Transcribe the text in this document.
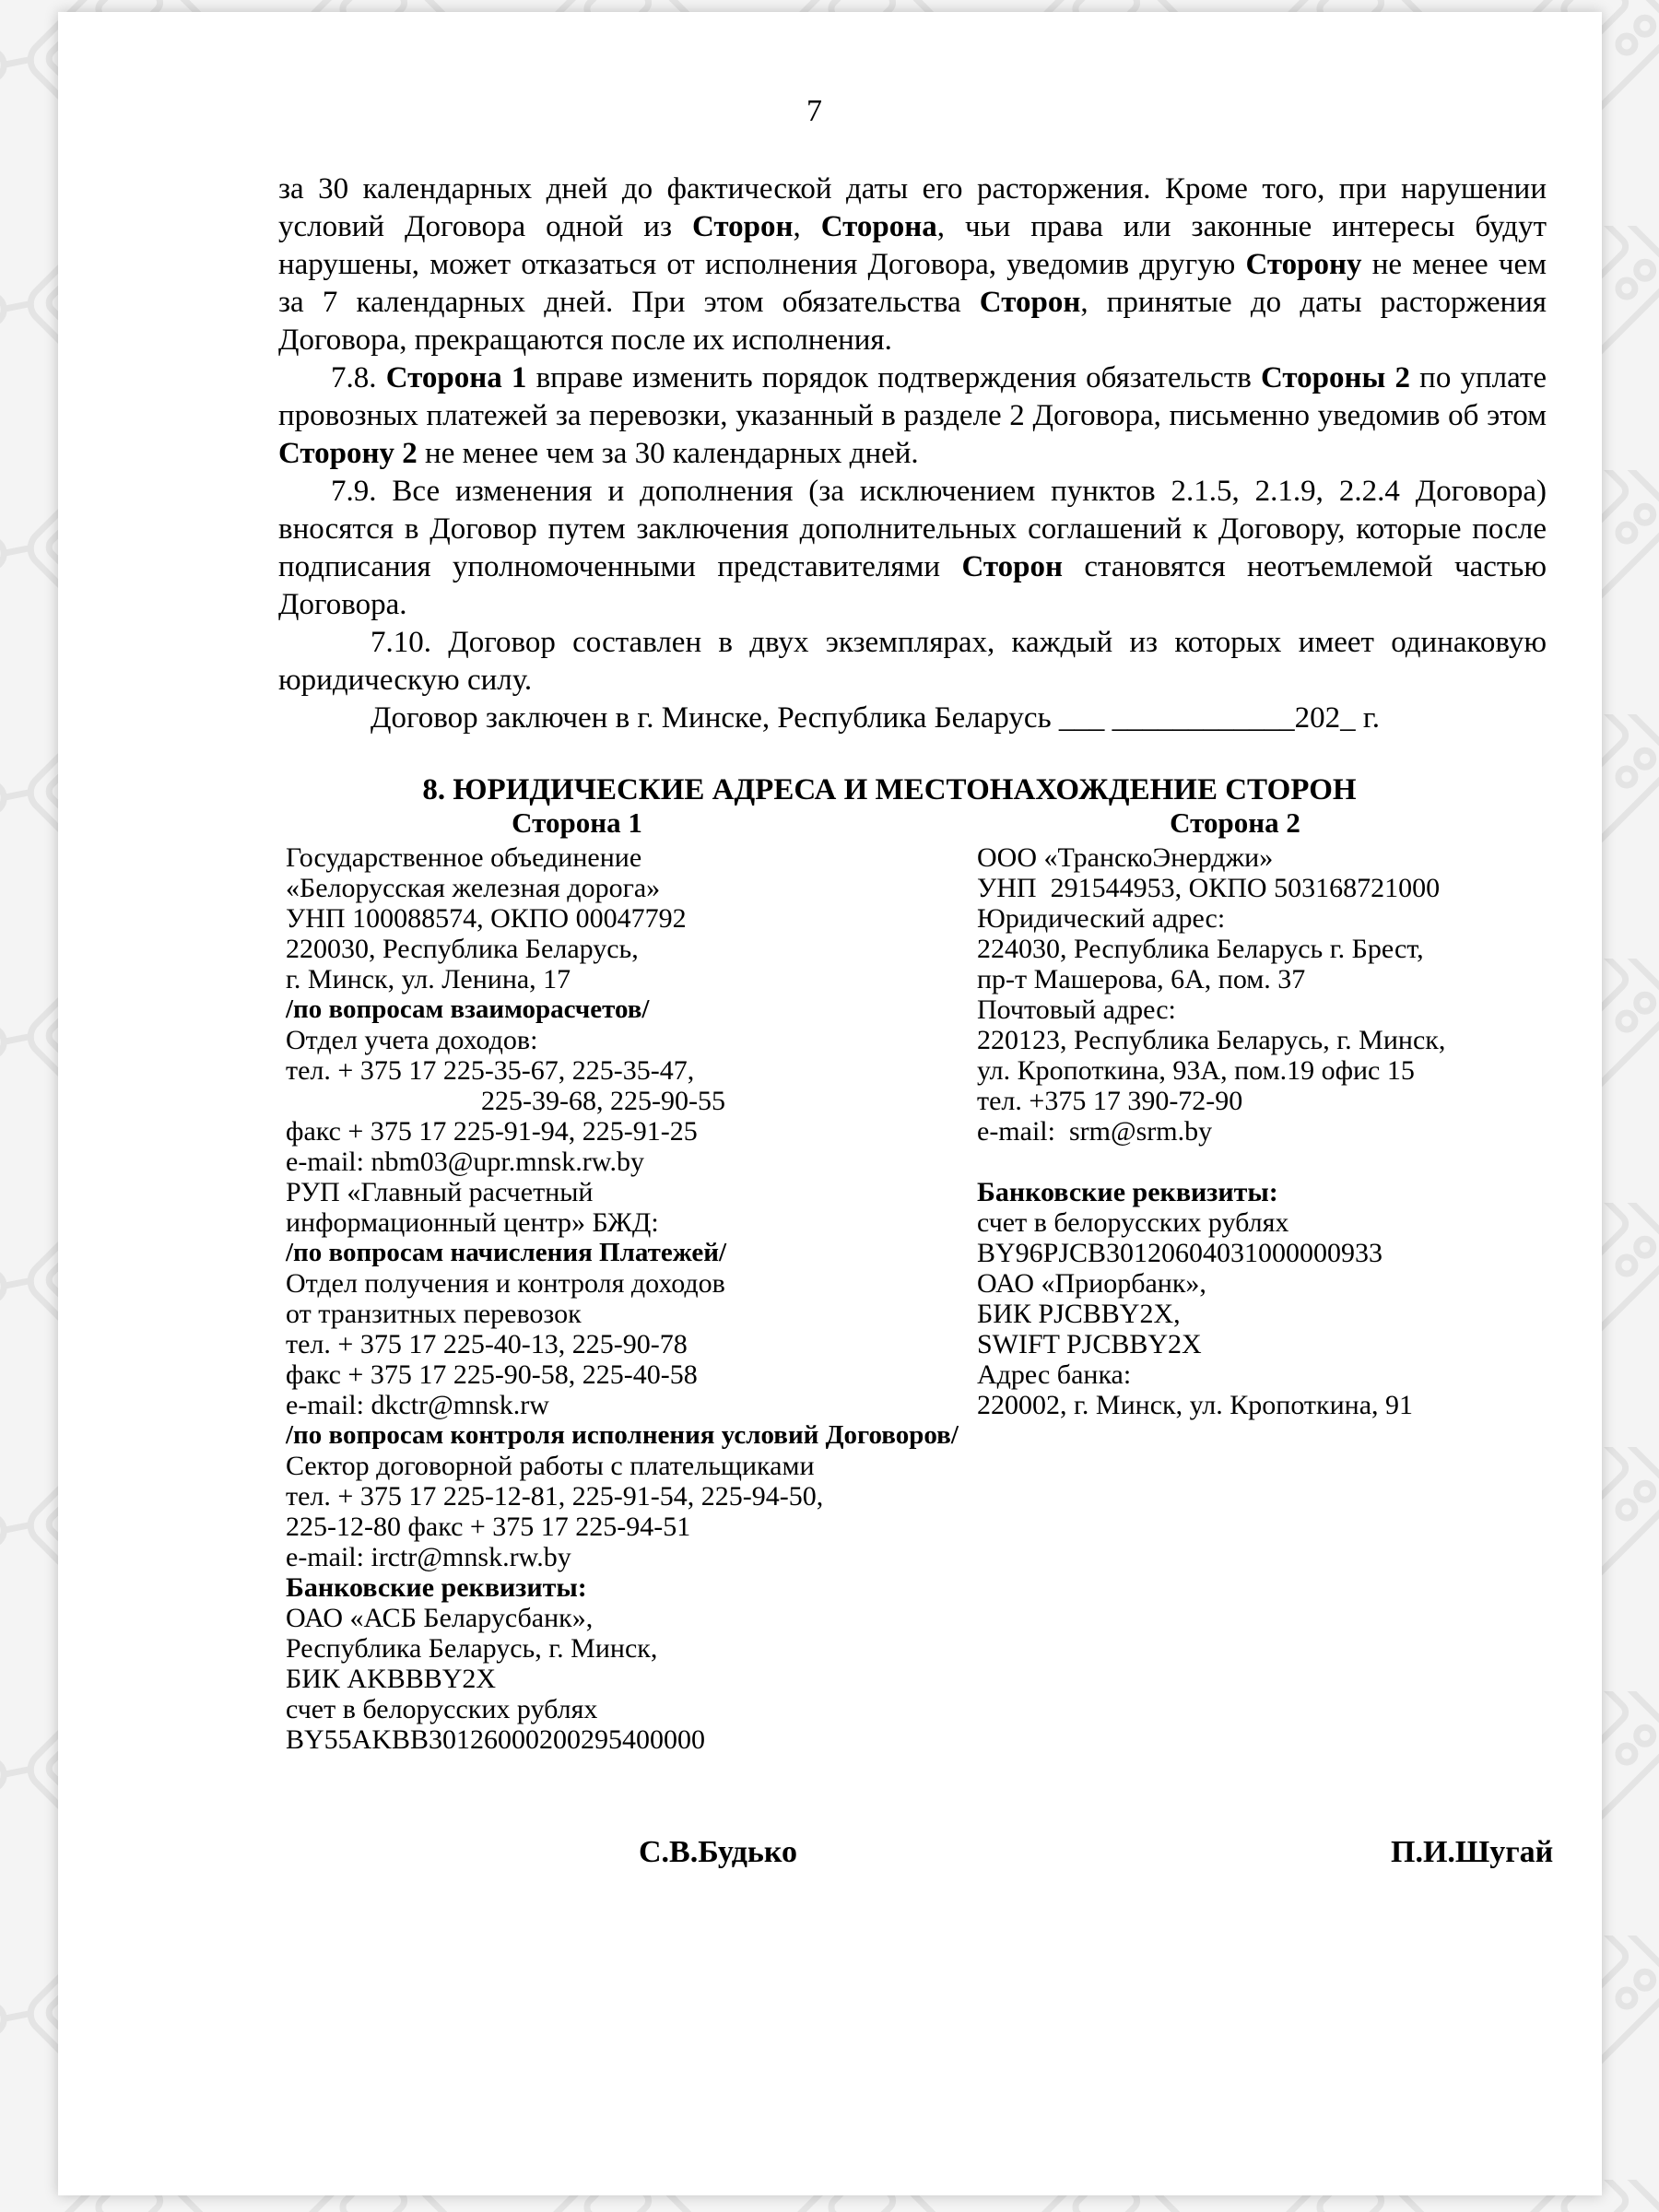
7

за 30 календарных дней до фактической даты его расторжения. Кроме того, при нарушении условий Договора одной из Сторон, Сторона, чьи права или законные интересы будут нарушены, может отказаться от исполнения Договора, уведомив другую Сторону не менее чем за 7 календарных дней. При этом обязательства Сторон, принятые до даты расторжения Договора, прекращаются после их исполнения.

7.8. Сторона 1 вправе изменить порядок подтверждения обязательств Стороны 2 по уплате провозных платежей за перевозки, указанный в разделе 2 Договора, письменно уведомив об этом Сторону 2 не менее чем за 30 календарных дней.

7.9. Все изменения и дополнения (за исключением пунктов 2.1.5, 2.1.9, 2.2.4 Договора) вносятся в Договор путем заключения дополнительных соглашений к Договору, которые после подписания уполномоченными представителями Сторон становятся неотъемлемой частью Договора.

7.10. Договор составлен в двух экземплярах, каждый из которых имеет одинаковую юридическую силу.

Договор заключен в г. Минске, Республика Беларусь ___ ____________202_ г.

8. ЮРИДИЧЕСКИЕ АДРЕСА И МЕСТОНАХОЖДЕНИЕ СТОРОН
Сторона 1	Сторона 2
Государственное объединение
«Белорусская железная дорога»
УНП 100088574, ОКПО 00047792
220030, Республика Беларусь,
г. Минск, ул. Ленина, 17
/по вопросам взаиморасчетов/
Отдел учета доходов:
тел. + 375 17 225-35-67, 225-35-47,
225-39-68, 225-90-55
факс + 375 17 225-91-94, 225-91-25
e-mail: nbm03@upr.mnsk.rw.by
РУП «Главный расчетный
информационный центр» БЖД:
/по вопросам начисления Платежей/
Отдел получения и контроля доходов
от транзитных перевозок
тел. + 375 17 225-40-13, 225-90-78
факс + 375 17 225-90-58, 225-40-58
e-mail: dkctr@mnsk.rw
/по вопросам контроля исполнения условий Договоров/
Сектор договорной работы с плательщиками
тел. + 375 17 225-12-81, 225-91-54, 225-94-50,
225-12-80 факс + 375 17 225-94-51
e-mail: irctr@mnsk.rw.by
Банковские реквизиты:
ОАО «АСБ Беларусбанк»,
Республика Беларусь, г. Минск,
БИК AKBBBY2X
счет в белорусских рублях
BY55AKBB30126000200295400000
ООО «ТранскоЭнерджи»
УНП  291544953, ОКПО 503168721000
Юридический адрес:
224030, Республика Беларусь г. Брест,
пр-т Машерова, 6А, пом. 37
Почтовый адрес:
220123, Республика Беларусь, г. Минск,
ул. Кропоткина, 93А, пом.19 офис 15
тел. +375 17 390-72-90
e-mail:  srm@srm.by
Банковские реквизиты:
счет в белорусских рублях
BY96PJCB30120604031000000933
ОАО «Приорбанк»,
БИК PJCBBY2X,
SWIFT PJCBBY2X
Адрес банка:
220002, г. Минск, ул. Кропоткина, 91
С.В.Будько	П.И.Шугай
